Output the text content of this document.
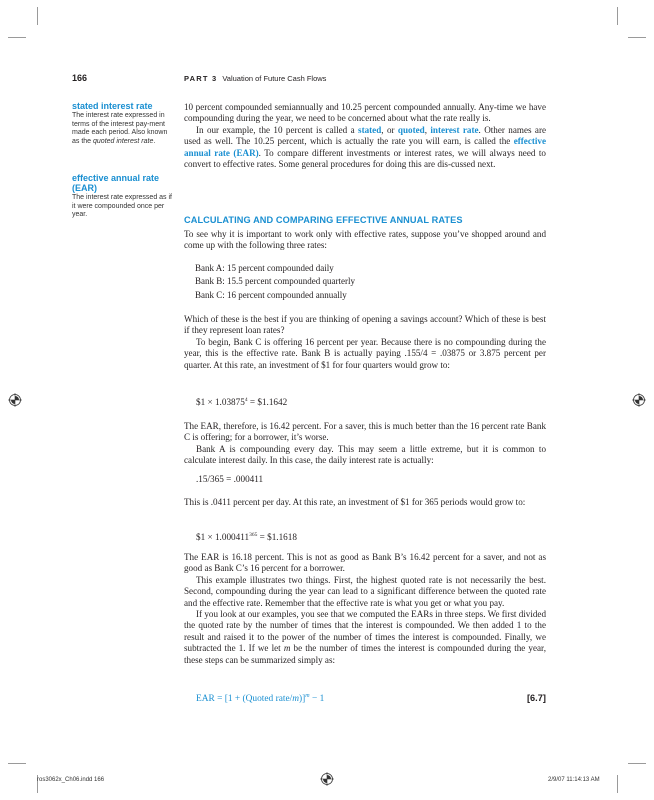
166	PART 3 Valuation of Future Cash Flows
stated interest rate
The interest rate expressed in terms of the interest pay-ment made each period. Also known as the quoted interest rate.
effective annual rate (EAR)
The interest rate expressed as if it were compounded once per year.

10 percent compounded semiannually and 10.25 percent compounded annually. Any-time we have compounding during the year, we need to be concerned about what the rate really is.

In our example, the 10 percent is called a stated, or quoted, interest rate. Other names are used as well. The 10.25 percent, which is actually the rate you will earn, is called the effective annual rate (EAR). To compare different investments or interest rates, we will always need to convert to effective rates. Some general procedures for doing this are dis-cussed next.

CALCULATING AND COMPARING EFFECTIVE ANNUAL RATES
To see why it is important to work only with effective rates, suppose you’ve shopped around and come up with the following three rates:
Bank A: 15 percent compounded daily
Bank B: 15.5 percent compounded quarterly
Bank C: 16 percent compounded annually

Which of these is the best if you are thinking of opening a savings account? Which of these is best if they represent loan rates?

To begin, Bank C is offering 16 percent per year. Because there is no compounding during the year, this is the effective rate. Bank B is actually paying .155/4 = .03875 or 3.875 percent per quarter. At this rate, an investment of $1 for four quarters would grow to:

$1 × $1.03875^4$ = $1.1642

The EAR, therefore, is 16.42 percent. For a saver, this is much better than the 16 percent rate Bank C is offering; for a borrower, it’s worse.

Bank A is compounding every day. This may seem a little extreme, but it is common to calculate interest daily. In this case, the daily interest rate is actually:

.15/365 = .000411
This is .0411 percent per day. At this rate, an investment of $1 for 365 periods would grow to:
$1 × $1.000411^{365}$ = $1.1618

The EAR is 16.18 percent. This is not as good as Bank B’s 16.42 percent for a saver, and not as good as Bank C’s 16 percent for a borrower.

This example illustrates two things. First, the highest quoted rate is not necessarily the best. Second, compounding during the year can lead to a significant difference between the quoted rate and the effective rate. Remember that the effective rate is what you get or what you pay.

If you look at our examples, you see that we computed the EARs in three steps. We first divided the quoted rate by the number of times that the interest is compounded. We then added 1 to the result and raised it to the power of the number of times the interest is compounded. Finally, we subtracted the 1. If we let m be the number of times the interest is compounded during the year, these steps can be summarized simply as:

EAR = [1 + (Quoted rate/m)]$^m$ − 1	[6.7]
ros3062x_Ch06.indd 166	2/9/07 11:14:13 AM
